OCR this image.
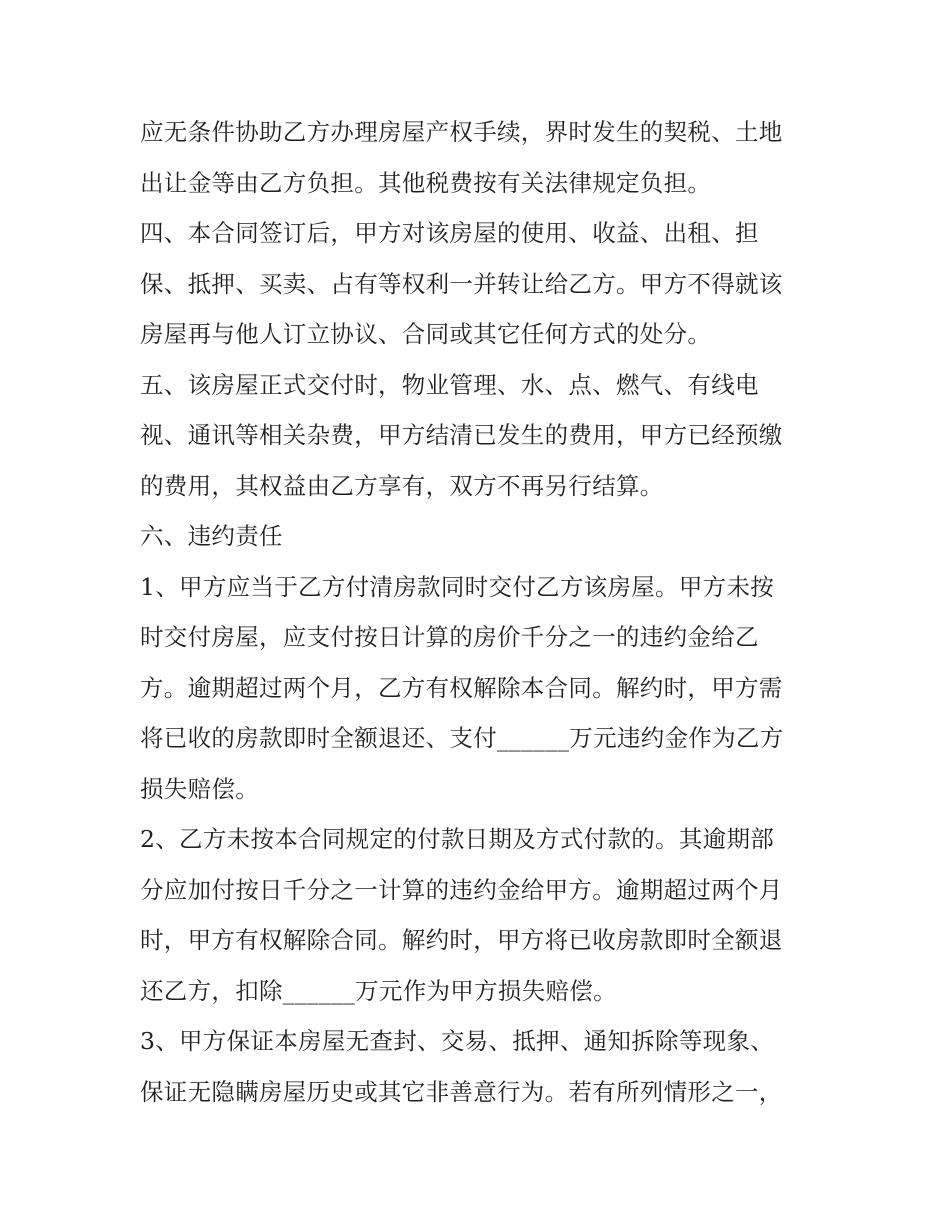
应无条件协助乙方办理房屋产权手续，界时发生的契税、土地
出让金等由乙方负担。其他税费按有关法律规定负担。
四、本合同签订后，甲方对该房屋的使用、收益、出租、担
保、抵押、买卖、占有等权利一并转让给乙方。甲方不得就该
房屋再与他人订立协议、合同或其它任何方式的处分。
五、该房屋正式交付时，物业管理、水、点、燃气、有线电
视、通讯等相关杂费，甲方结清已发生的费用，甲方已经预缴
的费用，其权益由乙方享有，双方不再另行结算。
六、违约责任
1、甲方应当于乙方付清房款同时交付乙方该房屋。甲方未按
时交付房屋，应支付按日计算的房价千分之一的违约金给乙
方。逾期超过两个月，乙方有权解除本合同。解约时，甲方需
将已收的房款即时全额退还、支付______万元违约金作为乙方
损失赔偿。
2、乙方未按本合同规定的付款日期及方式付款的。其逾期部
分应加付按日千分之一计算的违约金给甲方。逾期超过两个月
时，甲方有权解除合同。解约时，甲方将已收房款即时全额退
还乙方，扣除______万元作为甲方损失赔偿。
3、甲方保证本房屋无查封、交易、抵押、通知拆除等现象、
保证无隐瞒房屋历史或其它非善意行为。若有所列情形之一，
